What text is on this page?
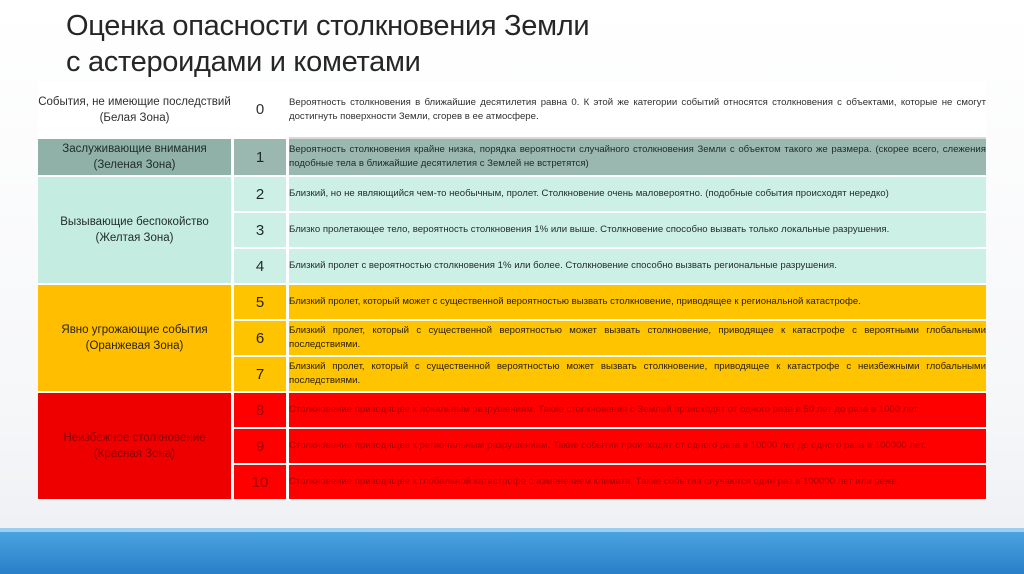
Оценка опасности столкновения Земли
с астероидами и кометами
События, не имеющие последствий (Белая Зона)	0	Вероятность столкновения в ближайшие десятилетия равна 0. К этой же категории событий относятся столкновения с объектами, которые не смогут достигнуть поверхности Земли, сгорев в ее атмосфере.
Заслуживающие внимания (Зеленая Зона)	1	Вероятность столкновения крайне низка, порядка вероятности случайного столкновения Земли с объектом такого же размера. (скорее всего, слежения подобные тела в ближайшие десятилетия с Землей не встретятся)
Вызывающие беспокойство (Желтая Зона)	2	Близкий, но не являющийся чем-то необычным, пролет. Столкновение очень маловероятно. (подобные события происходят нередко)
	3	Близко пролетающее тело, вероятность столкновения 1% или выше. Столкновение способно вызвать только локальные разрушения.
	4	Близкий пролет с вероятностью столкновения 1% или более. Столкновение способно вызвать региональные разрушения.
Явно угрожающие события (Оранжевая Зона)	5	Близкий пролет, который может с существенной вероятностью вызвать столкновение, приводящее к региональной катастрофе.
	6	Близкий пролет, который с существенной вероятностью может вызвать столкновение, приводящее к катастрофе с вероятными глобальными последствиями.
	7	Близкий пролет, который с существенной вероятностью может вызвать столкновение, приводящее к катастрофе с неизбежными глобальными последствиями.
Неизбежное столкновение (Красная Зона)	8	Столкновение приводящее к локальным разрушениям. Такие столкновения с Землей происходят от одного раза в 50 лет до раза в 1000 лет.
	9	Столкновение приводящее к региональным разрушениям. Такие события происходят от одного раза в 10000 лет до одного раза в 100000 лет.
	10	Столкновение приводящее к глобальной катастрофе с изменением климата. Такие события случаются один раз в 100000 лет или реже.
